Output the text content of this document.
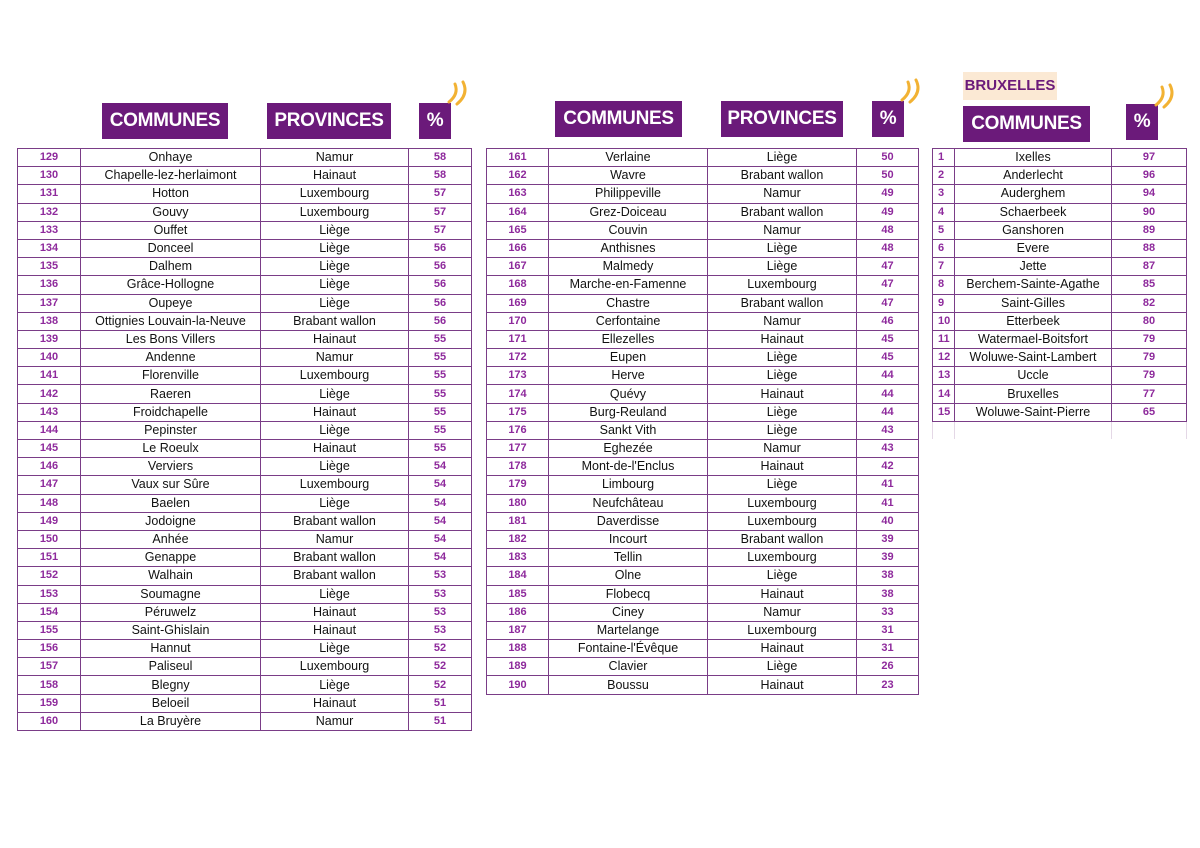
COMMUNES	PROVINCES	%	COMMUNES	PROVINCES	%
BRUXELLES
COMMUNES	%
129	Onhaye	Namur	58
130	Chapelle-lez-herlaimont	Hainaut	58
131	Hotton	Luxembourg	57
132	Gouvy	Luxembourg	57
133	Ouffet	Liège	57
134	Donceel	Liège	56
135	Dalhem	Liège	56
136	Grâce-Hollogne	Liège	56
137	Oupeye	Liège	56
138	Ottignies Louvain-la-Neuve	Brabant wallon	56
139	Les Bons Villers	Hainaut	55
140	Andenne	Namur	55
141	Florenville	Luxembourg	55
142	Raeren	Liège	55
143	Froidchapelle	Hainaut	55
144	Pepinster	Liège	55
145	Le Roeulx	Hainaut	55
146	Verviers	Liège	54
147	Vaux sur Sûre	Luxembourg	54
148	Baelen	Liège	54
149	Jodoigne	Brabant wallon	54
150	Anhée	Namur	54
151	Genappe	Brabant wallon	54
152	Walhain	Brabant wallon	53
153	Soumagne	Liège	53
154	Péruwelz	Hainaut	53
155	Saint-Ghislain	Hainaut	53
156	Hannut	Liège	52
157	Paliseul	Luxembourg	52
158	Blegny	Liège	52
159	Beloeil	Hainaut	51
160	La Bruyère	Namur	51
161	Verlaine	Liège	50
162	Wavre	Brabant wallon	50
163	Philippeville	Namur	49
164	Grez-Doiceau	Brabant wallon	49
165	Couvin	Namur	48
166	Anthisnes	Liège	48
167	Malmedy	Liège	47
168	Marche-en-Famenne	Luxembourg	47
169	Chastre	Brabant wallon	47
170	Cerfontaine	Namur	46
171	Ellezelles	Hainaut	45
172	Eupen	Liège	45
173	Herve	Liège	44
174	Quévy	Hainaut	44
175	Burg-Reuland	Liège	44
176	Sankt Vith	Liège	43
177	Eghezée	Namur	43
178	Mont-de-l'Enclus	Hainaut	42
179	Limbourg	Liège	41
180	Neufchâteau	Luxembourg	41
181	Daverdisse	Luxembourg	40
182	Incourt	Brabant wallon	39
183	Tellin	Luxembourg	39
184	Olne	Liège	38
185	Flobecq	Hainaut	38
186	Ciney	Namur	33
187	Martelange	Luxembourg	31
188	Fontaine-l'Évêque	Hainaut	31
189	Clavier	Liège	26
190	Boussu	Hainaut	23
1	Ixelles	97
2	Anderlecht	96
3	Auderghem	94
4	Schaerbeek	90
5	Ganshoren	89
6	Evere	88
7	Jette	87
8	Berchem-Sainte-Agathe	85
9	Saint-Gilles	82
10	Etterbeek	80
11	Watermael-Boitsfort	79
12	Woluwe-Saint-Lambert	79
13	Uccle	79
14	Bruxelles	77
15	Woluwe-Saint-Pierre	65
